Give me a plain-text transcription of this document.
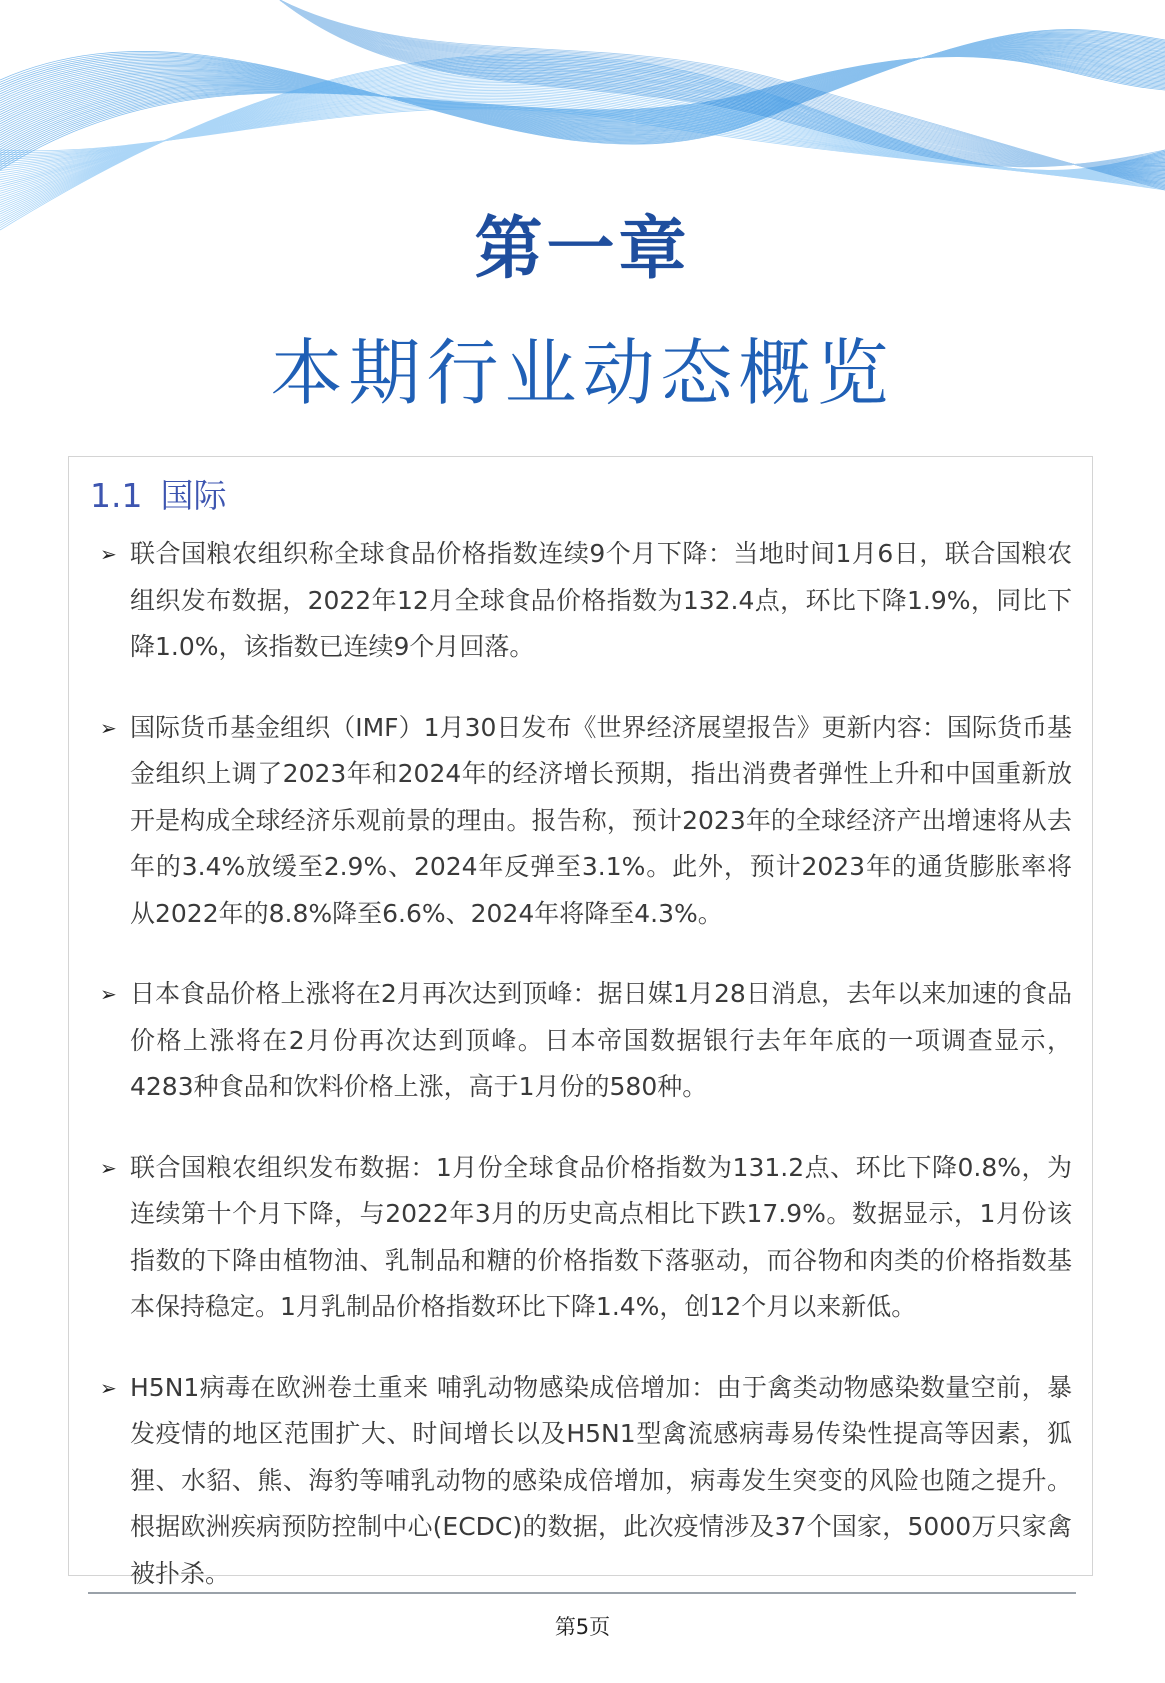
第一章
本期行业动态概览
1.1 国际
➢ 联合国粮农组织称全球食品价格指数连续9个月下降：当地时间1月6日，联合国粮农组织发布数据，2022年12月全球食品价格指数为132.4点，环比下降1.9%，同比下降1.0%，该指数已连续9个月回落。

➢ 国际货币基金组织（IMF）1月30日发布《世界经济展望报告》更新内容：国际货币基金组织上调了2023年和2024年的经济增长预期，指出消费者弹性上升和中国重新放开是构成全球经济乐观前景的理由。报告称，预计2023年的全球经济产出增速将从去年的3.4%放缓至2.9%、2024年反弹至3.1%。此外，预计2023年的通货膨胀率将从2022年的8.8%降至6.6%、2024年将降至4.3%。

➢ 日本食品价格上涨将在2月再次达到顶峰：据日媒1月28日消息，去年以来加速的食品价格上涨将在2月份再次达到顶峰。日本帝国数据银行去年年底的一项调查显示，4283种食品和饮料价格上涨，高于1月份的580种。

➢ 联合国粮农组织发布数据：1月份全球食品价格指数为131.2点、环比下降0.8%，为连续第十个月下降，与2022年3月的历史高点相比下跌17.9%。数据显示，1月份该指数的下降由植物油、乳制品和糖的价格指数下落驱动，而谷物和肉类的价格指数基本保持稳定。1月乳制品价格指数环比下降1.4%，创12个月以来新低。

➢ H5N1病毒在欧洲卷土重来 哺乳动物感染成倍增加：由于禽类动物感染数量空前，暴发疫情的地区范围扩大、时间增长以及H5N1型禽流感病毒易传染性提高等因素，狐狸、水貂、熊、海豹等哺乳动物的感染成倍增加，病毒发生突变的风险也随之提升。根据欧洲疾病预防控制中心(ECDC)的数据，此次疫情涉及37个国家，5000万只家禽被扑杀。

第5页
